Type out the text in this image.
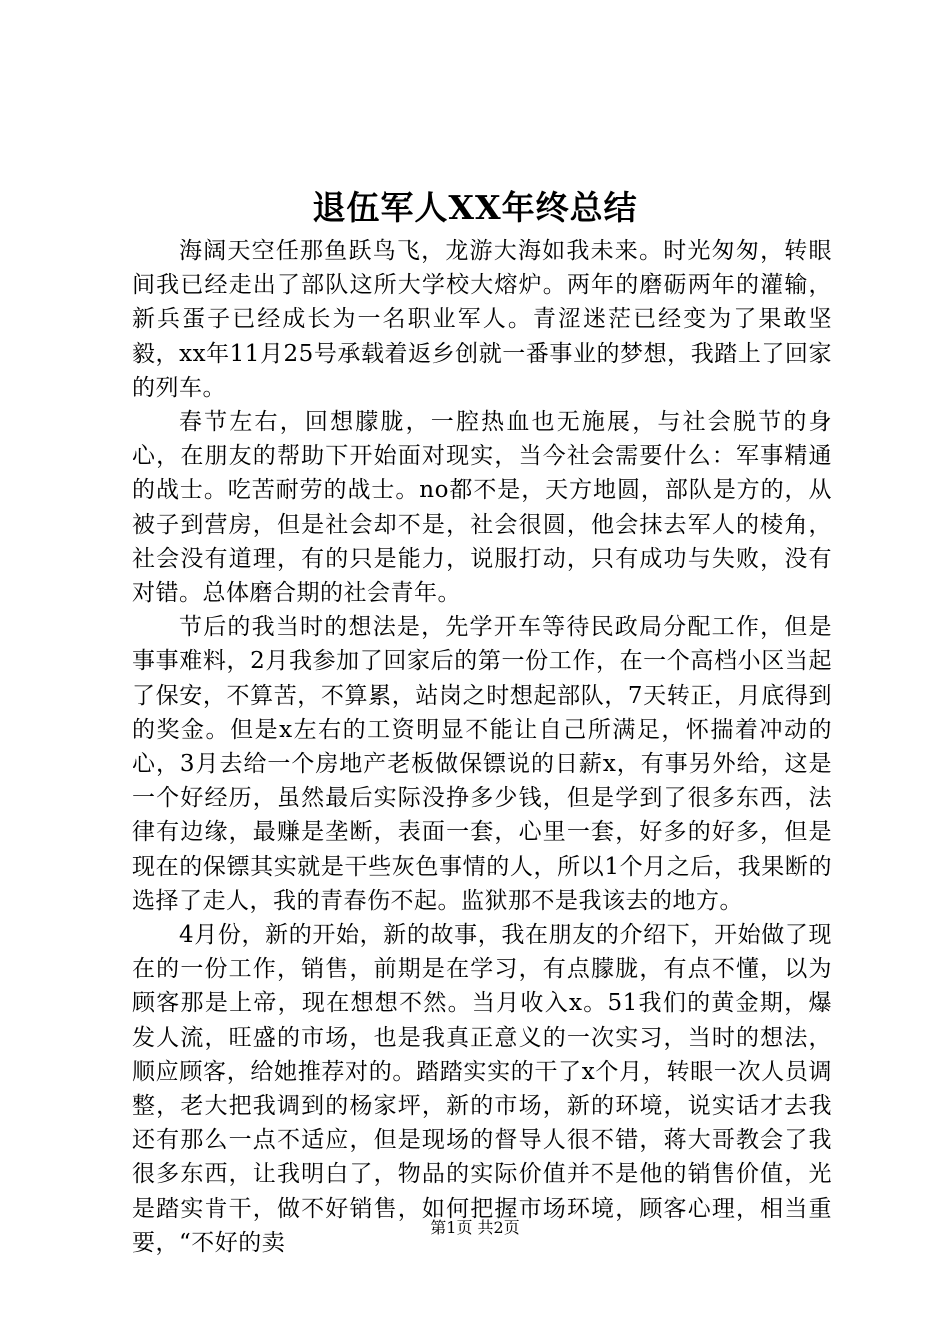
退伍军人XX年终总结

海阔天空任那鱼跃鸟飞，龙游大海如我未来。时光匆匆，转眼间我已经走出了部队这所大学校大熔炉。两年的磨砺两年的灌输，新兵蛋子已经成长为一名职业军人。青涩迷茫已经变为了果敢坚毅，xx年11月25号承载着返乡创就一番事业的梦想，我踏上了回家的列车。

春节左右，回想朦胧，一腔热血也无施展，与社会脱节的身心，在朋友的帮助下开始面对现实，当今社会需要什么：军事精通的战士。吃苦耐劳的战士。no都不是，天方地圆，部队是方的，从被子到营房，但是社会却不是，社会很圆，他会抹去军人的棱角，社会没有道理，有的只是能力，说服打动，只有成功与失败，没有对错。总体磨合期的社会青年。

节后的我当时的想法是，先学开车等待民政局分配工作，但是事事难料，2月我参加了回家后的第一份工作，在一个高档小区当起了保安，不算苦，不算累，站岗之时想起部队，7天转正，月底得到的奖金。但是x左右的工资明显不能让自己所满足，怀揣着冲动的心，3月去给一个房地产老板做保镖说的日薪x，有事另外给，这是一个好经历，虽然最后实际没挣多少钱，但是学到了很多东西，法律有边缘，最赚是垄断，表面一套，心里一套，好多的好多，但是现在的保镖其实就是干些灰色事情的人，所以1个月之后，我果断的选择了走人，我的青春伤不起。监狱那不是我该去的地方。

4月份，新的开始，新的故事，我在朋友的介绍下，开始做了现在的一份工作，销售，前期是在学习，有点朦胧，有点不懂，以为顾客那是上帝，现在想想不然。当月收入x。51我们的黄金期，爆发人流，旺盛的市场，也是我真正意义的一次实习，当时的想法，顺应顾客，给她推荐对的。踏踏实实的干了x个月，转眼一次人员调整，老大把我调到的杨家坪，新的市场，新的环境，说实话才去我还有那么一点不适应，但是现场的督导人很不错，蒋大哥教会了我很多东西，让我明白了，物品的实际价值并不是他的销售价值，光是踏实肯干，做不好销售，如何把握市场环境，顾客心理，相当重要，“不好的卖

第1页 共2页
